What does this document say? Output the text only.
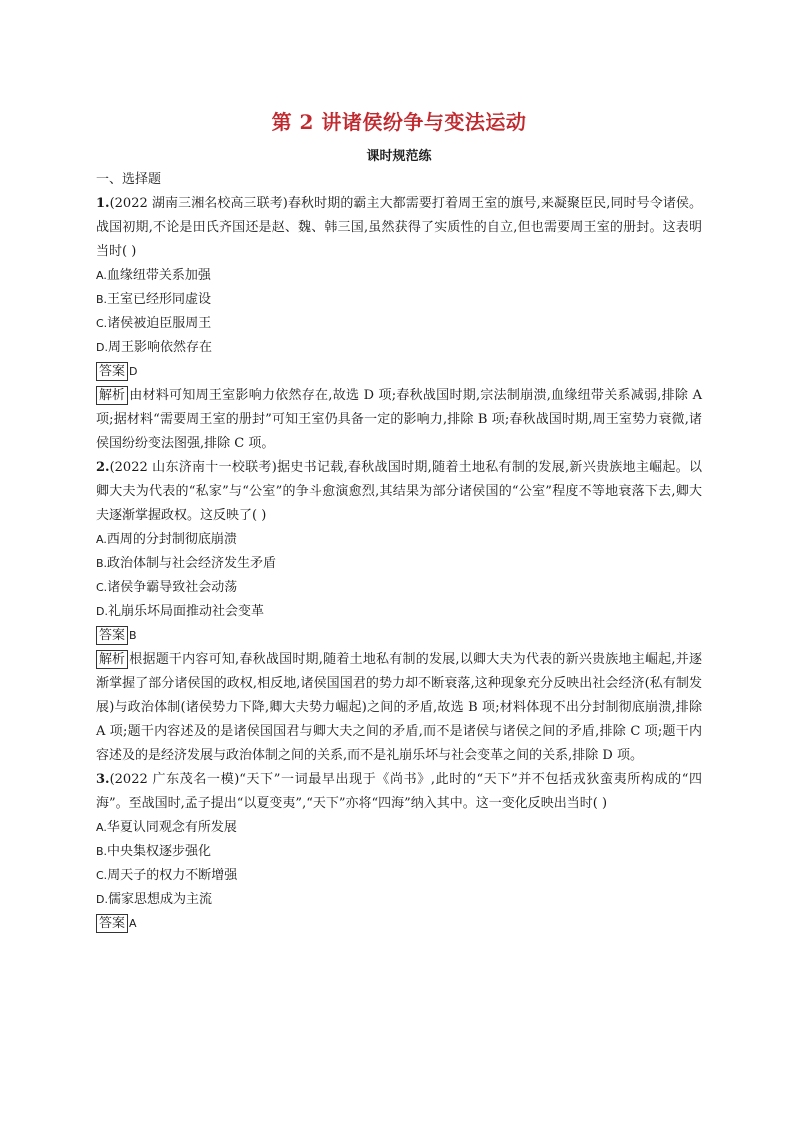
第 2 讲诸侯纷争与变法运动
课时规范练
一、选择题
1.(2022 湖南三湘名校高三联考)春秋时期的霸主大都需要打着周王室的旗号,来凝聚臣民,同时号令诸侯。战国初期,不论是田氏齐国还是赵、魏、韩三国,虽然获得了实质性的自立,但也需要周王室的册封。这表明当时( )
A.血缘纽带关系加强
B.王室已经形同虚设
C.诸侯被迫臣服周王
D.周王影响依然存在
答案 D
解析 由材料可知周王室影响力依然存在,故选 D 项;春秋战国时期,宗法制崩溃,血缘纽带关系减弱,排除 A 项;据材料“需要周王室的册封”可知王室仍具备一定的影响力,排除 B 项;春秋战国时期,周王室势力衰微,诸侯国纷纷变法图强,排除 C 项。
2.(2022 山东济南十一校联考)据史书记载,春秋战国时期,随着土地私有制的发展,新兴贵族地主崛起。以卿大夫为代表的“私家”与“公室”的争斗愈演愈烈,其结果为部分诸侯国的“公室”程度不等地衰落下去,卿大夫逐渐掌握政权。这反映了( )
A.西周的分封制彻底崩溃
B.政治体制与社会经济发生矛盾
C.诸侯争霸导致社会动荡
D.礼崩乐坏局面推动社会变革
答案 B
解析 根据题干内容可知,春秋战国时期,随着土地私有制的发展,以卿大夫为代表的新兴贵族地主崛起,并逐渐掌握了部分诸侯国的政权,相反地,诸侯国国君的势力却不断衰落,这种现象充分反映出社会经济(私有制发展)与政治体制(诸侯势力下降,卿大夫势力崛起)之间的矛盾,故选 B 项;材料体现不出分封制彻底崩溃,排除 A 项;题干内容述及的是诸侯国国君与卿大夫之间的矛盾,而不是诸侯与诸侯之间的矛盾,排除 C 项;题干内容述及的是经济发展与政治体制之间的关系,而不是礼崩乐坏与社会变革之间的关系,排除 D 项。
3.(2022 广东茂名一模)“天下”一词最早出现于《尚书》,此时的“天下”并不包括戎狄蛮夷所构成的“四海”。至战国时,孟子提出“以夏变夷”,“天下”亦将“四海”纳入其中。这一变化反映出当时( )
A.华夏认同观念有所发展
B.中央集权逐步强化
C.周天子的权力不断增强
D.儒家思想成为主流
答案 A
